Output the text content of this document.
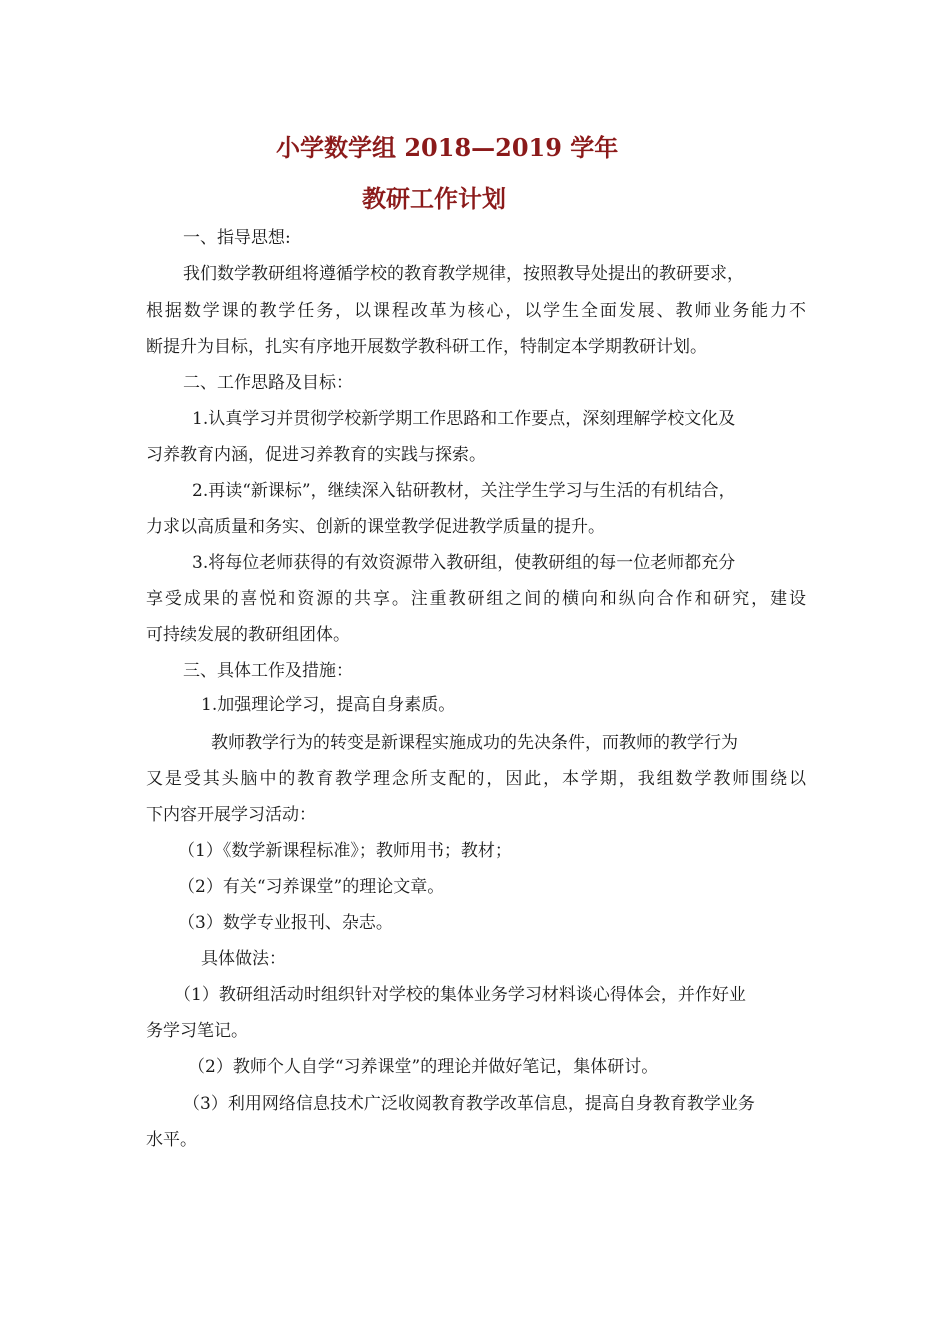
小学数学组 2018—2019 学年
教研工作计划
一、指导思想:
我们数学教研组将遵循学校的教育教学规律，按照教导处提出的教研要求，
根据数学课的教学任务，以课程改革为核心，以学生全面发展、教师业务能力不
断提升为目标，扎实有序地开展数学教科研工作，特制定本学期教研计划。
二、工作思路及目标：
1.认真学习并贯彻学校新学期工作思路和工作要点，深刻理解学校文化及
习养教育内涵，促进习养教育的实践与探索。
2.再读“新课标”，继续深入钻研教材，关注学生学习与生活的有机结合，
力求以高质量和务实、创新的课堂教学促进教学质量的提升。
3.将每位老师获得的有效资源带入教研组，使教研组的每一位老师都充分
享受成果的喜悦和资源的共享。注重教研组之间的横向和纵向合作和研究，建设
可持续发展的教研组团体。
三、具体工作及措施：
1.加强理论学习，提高自身素质。
教师教学行为的转变是新课程实施成功的先决条件，而教师的教学行为
又是受其头脑中的教育教学理念所支配的，因此，本学期，我组数学教师围绕以
下内容开展学习活动：
（1）《数学新课程标准》；教师用书；教材；
（2）有关“习养课堂”的理论文章。
（3）数学专业报刊、杂志。
具体做法：
（1）教研组活动时组织针对学校的集体业务学习材料谈心得体会，并作好业
务学习笔记。
（2）教师个人自学“习养课堂”的理论并做好笔记，集体研讨。
（3）利用网络信息技术广泛收阅教育教学改革信息，提高自身教育教学业务
水平。
